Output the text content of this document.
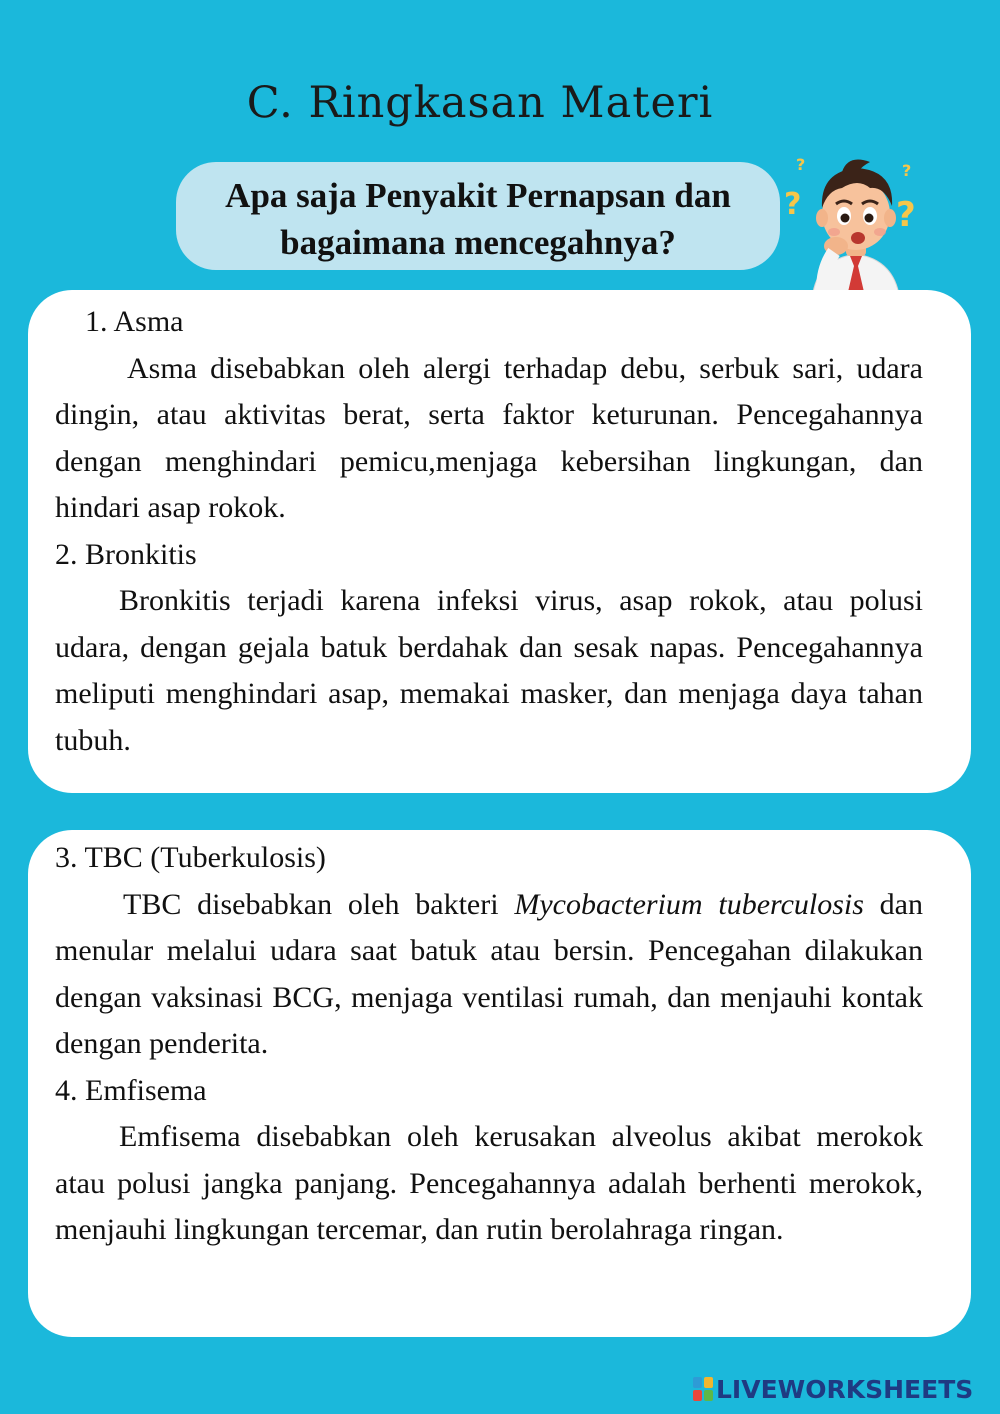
C. Ringkasan Materi
Apa saja Penyakit Pernapsan dan
bagaimana mencegahnya?
?
?
?
?
1. Asma
Asma disebabkan oleh alergi terhadap debu, serbuk sari, udara dingin, atau aktivitas berat, serta faktor keturunan. Pencegahannya dengan menghindari pemicu,menjaga kebersihan lingkungan, dan hindari asap rokok.
2. Bronkitis
Bronkitis terjadi karena infeksi virus, asap rokok, atau polusi udara, dengan gejala batuk berdahak dan sesak napas. Pencegahannya meliputi menghindari asap, memakai masker, dan menjaga daya tahan tubuh.
3. TBC (Tuberkulosis)
TBC disebabkan oleh bakteri Mycobacterium tuberculosis dan menular melalui udara saat batuk atau bersin. Pencegahan dilakukan dengan vaksinasi BCG, menjaga ventilasi rumah, dan menjauhi kontak dengan penderita.
4. Emfisema
Emfisema disebabkan oleh kerusakan alveolus akibat merokok atau polusi jangka panjang. Pencegahannya adalah berhenti merokok, menjauhi lingkungan tercemar, dan rutin berolahraga ringan.
LIVEWORKSHEETS
